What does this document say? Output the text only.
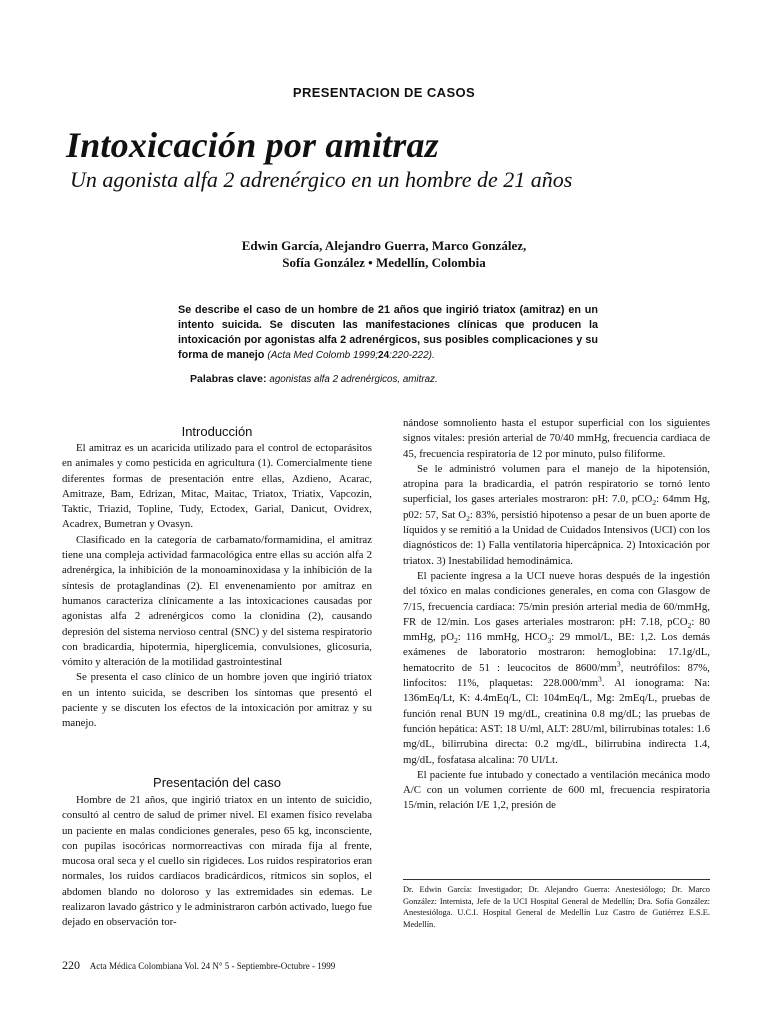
PRESENTACION DE CASOS
Intoxicación por amitraz
Un agonista alfa 2 adrenérgico en un hombre de 21 años
Edwin García, Alejandro Guerra, Marco González,
Sofía González • Medellín, Colombia
Se describe el caso de un hombre de 21 años que ingirió triatox (amitraz) en un intento suicida. Se discuten las manifestaciones clínicas que producen la intoxicación por agonistas alfa 2 adrenérgicos, sus posibles complicaciones y su forma de manejo (Acta Med Colomb 1999;24:220-222).
Palabras clave: agonistas alfa 2 adrenérgicos, amitraz.
Introducción

El amitraz es un acaricida utilizado para el control de ectoparásitos en animales y como pesticida en agricultura (1). Comercialmente tiene diferentes formas de presentación entre ellas, Azdieno, Acarac, Amitraze, Bam, Edrizan, Mitac, Maitac, Triatox, Triatix, Vapcozin, Taktic, Triazid, Topline, Tudy, Ectodex, Garial, Danicut, Ovidrex, Acadrex, Bumetran y Ovasyn.

Clasificado en la categoría de carbamato/formamidina, el amitraz tiene una compleja actividad farmacológica entre ellas su acción alfa 2 adrenérgica, la inhibición de la monoaminoxidasa y la inhibición de la síntesis de protaglandinas (2). El envenenamiento por amitraz en humanos caracteriza clínicamente a las intoxicaciones causadas por agonistas alfa 2 adrenérgicos como la clonidina (2), causando depresión del sistema nervioso central (SNC) y del sistema respiratorio con bradicardia, hipotermia, hiperglicemia, convulsiones, glicosuria, vómito y alteración de la motilidad gastrointestinal

Se presenta el caso clínico de un hombre joven que ingirió triatox en un intento suicida, se describen los síntomas que presentó el paciente y se discuten los efectos de la intoxicación por amitraz y su manejo.

Presentación del caso

Hombre de 21 años, que ingirió triatox en un intento de suicidio, consultó al centro de salud de primer nivel. El examen físico revelaba un paciente en malas condiciones generales, peso 65 kg, inconsciente, con pupilas isocóricas normorreactivas con mirada fija al frente, mucosa oral seca y el cuello sin rigideces. Los ruidos respiratorios eran normales, los ruidos cardíacos bradicárdicos, rítmicos sin soplos, el abdomen blando no doloroso y las extremidades sin edemas. Le realizaron lavado gástrico y le administraron carbón activado, luego fue dejado en observación tor-

nándose somnoliento hasta el estupor superficial con los siguientes signos vitales: presión arterial de 70/40 mmHg, frecuencia cardiaca de 45, frecuencia respiratoria de 12 por minuto, pulso filiforme.

Se le administró volumen para el manejo de la hipotensión, atropina para la bradicardia, el patrón respiratorio se tornó lento superficial, los gases arteriales mostraron: pH: 7.0, pCO$_2$: 64mm Hg, p02: 57, Sat $O_2$: 83%, persistió hipotenso a pesar de un buen aporte de líquidos y se remitió a la Unidad de Cuidados Intensivos (UCI) con los diagnósticos de: 1) Falla ventilatoria hipercápnica. 2) Intoxicación por triatox. 3) Inestabilidad hemodinámica.

El paciente ingresa a la UCI nueve horas después de la ingestión del tóxico en malas condiciones generales, en coma con Glasgow de 7/15, frecuencia cardiaca: 75/min presión arterial media de 60/mmHg, FR de 12/min. Los gases arteriales mostraron: pH: 7.18, pCO$_2$: 80 mmHg, $pO_2$: 116 mmHg, $HCO_3$: 29 mmol/L, BE: 1,2. Los demás exámenes de laboratorio mostraron: hemoglobina: 17.1g/dL, hematocrito de 51 : leucocitos de $8600/mm^3$, neutrófilos: 87%, linfocitos: 11%, plaquetas: $228.000/mm^3$. Al ionograma: Na: 136mEq/Lt, K: 4.4mEq/L, Cl: 104mEq/L, Mg: 2mEq/L, pruebas de función renal BUN 19 mg/dL, creatinina 0.8 mg/dL; las pruebas de función hepática: AST: 18 U/ml, ALT: 28U/ml, bilirrubinas totales: 1.6 mg/dL, bilirrubina directa: 0.2 mg/dL, bilirrubina indirecta 1.4, mg/dL, fosfatasa alcalina: 70 UI/Lt.

El paciente fue intubado y conectado a ventilación mecánica modo A/C con un volumen corriente de 600 ml, frecuencia respiratoria 15/min, relación I/E 1,2, presión de

Dr. Edwin García: Investigador; Dr. Alejandro Guerra: Anestesiólogo; Dr. Marco González: Internista, Jefe de la UCI Hospital General de Medellín; Dra. Sofía González: Anestesióloga. U.C.I. Hospital General de Medellín Luz Castro de Gutiérrez E.S.E. Medellín.
220 Acta Médica Colombiana Vol. 24 N° 5 - Septiembre-Octubre - 1999
